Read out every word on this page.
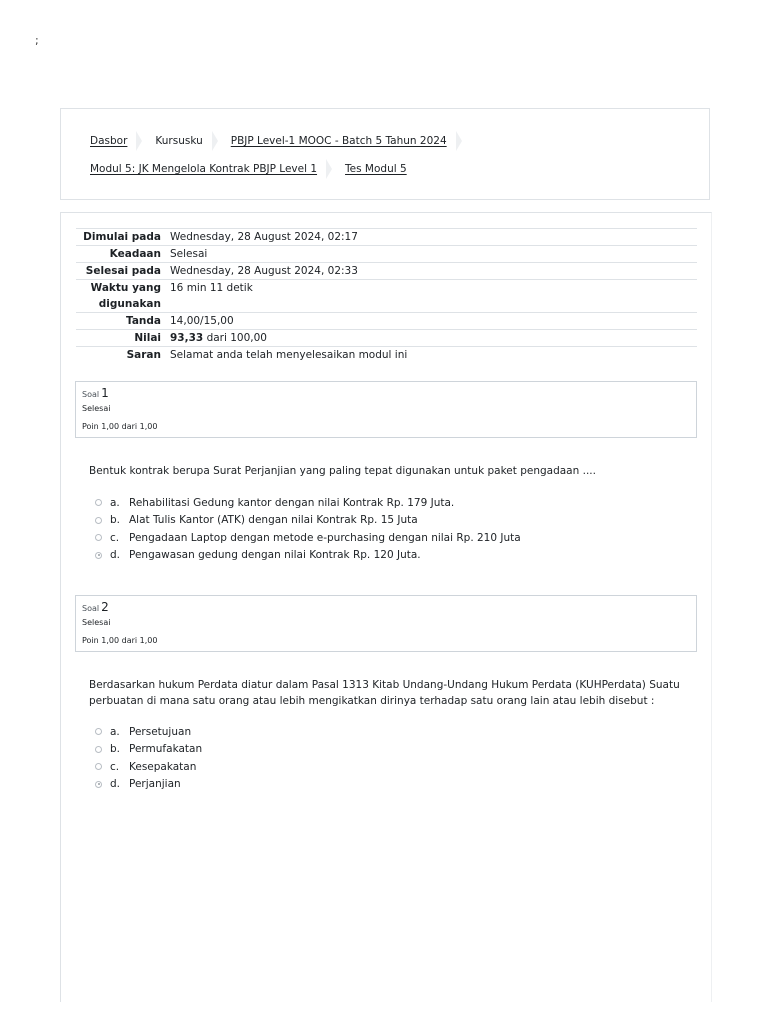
;
Dasbor	Kursusku	PBJP Level-1 MOOC - Batch 5 Tahun 2024
Modul 5: JK Mengelola Kontrak PBJP Level 1	Tes Modul 5
Dimulai pada	Wednesday, 28 August 2024, 02:17
Keadaan	Selesai
Selesai pada	Wednesday, 28 August 2024, 02:33
Waktu yang
digunakan	16 min 11 detik
Tanda	14,00/15,00
Nilai	93,33 dari 100,00
Saran	Selamat anda telah menyelesaikan modul ini
Soal 1
Selesai
Poin 1,00 dari 1,00
Bentuk kontrak berupa Surat Perjanjian yang paling tepat digunakan untuk paket pengadaan ....
a. Rehabilitasi Gedung kantor dengan nilai Kontrak Rp. 179 Juta.
b. Alat Tulis Kantor (ATK) dengan nilai Kontrak Rp. 15 Juta
c. Pengadaan Laptop dengan metode e-purchasing dengan nilai Rp. 210 Juta
d. Pengawasan gedung dengan nilai Kontrak Rp. 120 Juta.
Soal 2
Selesai
Poin 1,00 dari 1,00
Berdasarkan hukum Perdata diatur dalam Pasal 1313 Kitab Undang-Undang Hukum Perdata (KUHPerdata) Suatu perbuatan di mana satu orang atau lebih mengikatkan dirinya terhadap satu orang lain atau lebih disebut :
a. Persetujuan
b. Permufakatan
c. Kesepakatan
d. Perjanjian
